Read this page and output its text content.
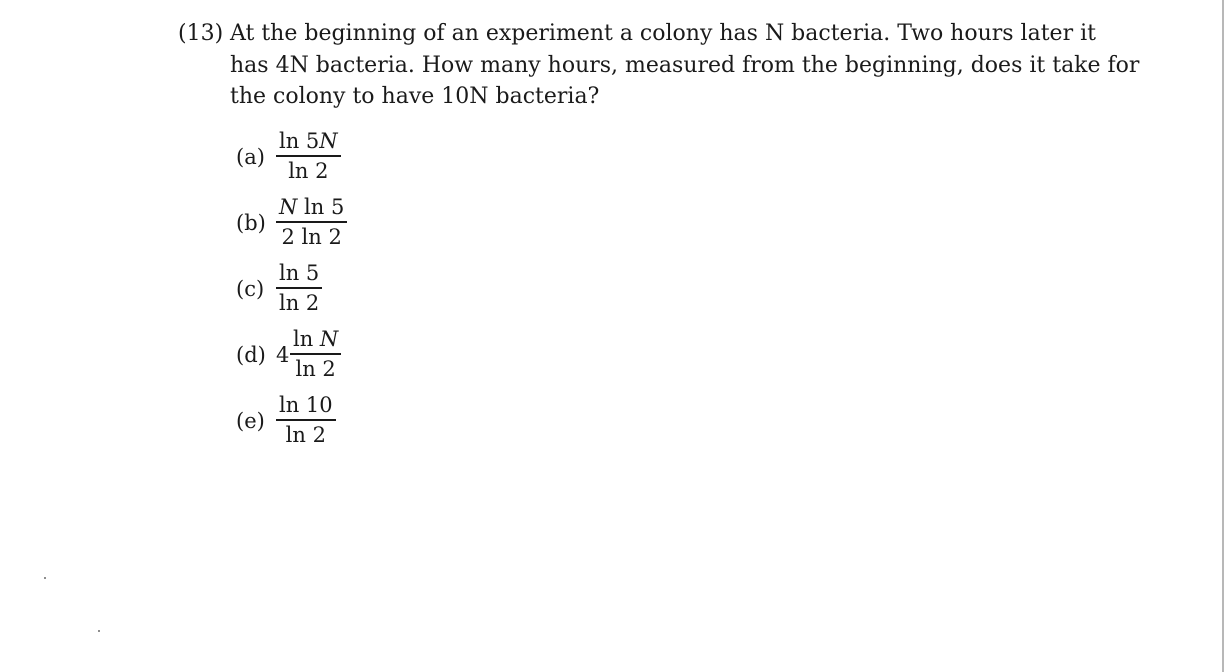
(13) At the beginning of an experiment a colony has N bacteria. Two hours later it
has 4N bacteria. How many hours, measured from the beginning, does it take for
the colony to have 10N bacteria?

(a)
ln 5N
ln 2
(b)
N ln 5
2 ln 2
(c)
ln 5
ln 2
(d) 4
ln N
ln 2
(e)
ln 10
ln 2
